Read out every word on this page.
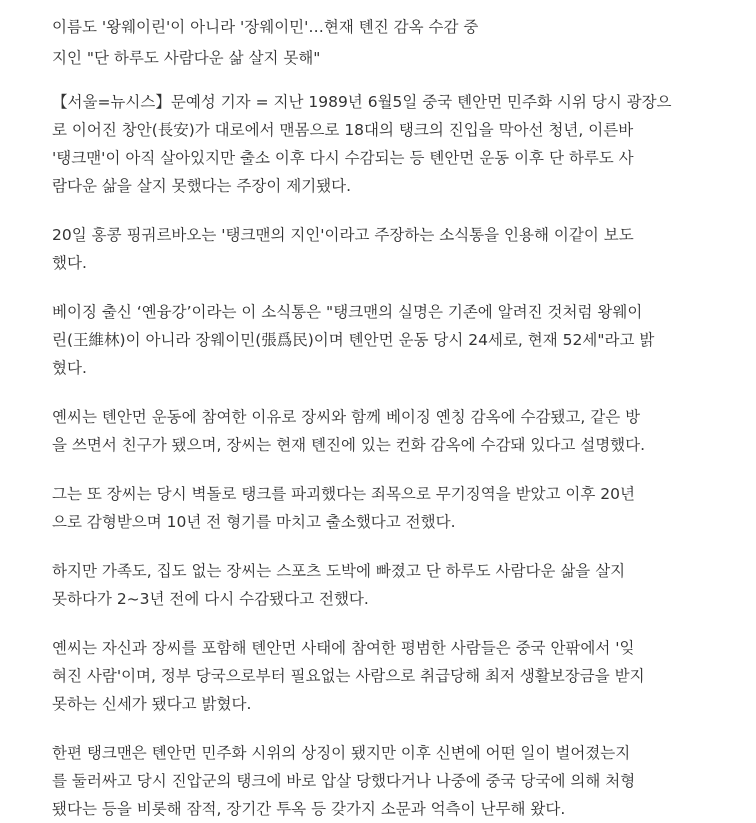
이름도 '왕웨이린'이 아니라 '장웨이민'…현재 톈진 감옥 수감 중
지인 "단 하루도 사람다운 삶 살지 못해"
【서울=뉴시스】문예성 기자 = 지난 1989년 6월5일 중국 톈안먼 민주화 시위 당시 광장으
로 이어진 창안(長安)가 대로에서 맨몸으로 18대의 탱크의 진입을 막아선 청년, 이른바
'탱크맨'이 아직 살아있지만 출소 이후 다시 수감되는 등 톈안먼 운동 이후 단 하루도 사
람다운 삶을 살지 못했다는 주장이 제기됐다.
20일 홍콩 핑궈르바오는 '탱크맨의 지인'이라고 주장하는 소식통을 인용해 이같이 보도
했다.
베이징 출신 ‘옌융강’이라는 이 소식통은 "탱크맨의 실명은 기존에 알려진 것처럼 왕웨이
린(王維林)이 아니라 장웨이민(張爲民)이며 톈안먼 운동 당시 24세로, 현재 52세"라고 밝
혔다.
옌씨는 톈안먼 운동에 참여한 이유로 장씨와 함께 베이징 옌칭 감옥에 수감됐고, 같은 방
을 쓰면서 친구가 됐으며, 장씨는 현재 톈진에 있는 컨화 감옥에 수감돼 있다고 설명했다.
그는 또 장씨는 당시 벽돌로 탱크를 파괴했다는 죄목으로 무기징역을 받았고 이후 20년
으로 감형받으며 10년 전 형기를 마치고 출소했다고 전했다.
하지만 가족도, 집도 없는 장씨는 스포츠 도박에 빠졌고 단 하루도 사람다운 삶을 살지
못하다가 2~3년 전에 다시 수감됐다고 전했다.
옌씨는 자신과 장씨를 포함해 톈안먼 사태에 참여한 평범한 사람들은 중국 안팎에서 '잊
혀진 사람'이며, 정부 당국으로부터 필요없는 사람으로 취급당해 최저 생활보장금을 받지
못하는 신세가 됐다고 밝혔다.
한편 탱크맨은 톈안먼 민주화 시위의 상징이 됐지만 이후 신변에 어떤 일이 벌어졌는지
를 둘러싸고 당시 진압군의 탱크에 바로 압살 당했다거나 나중에 중국 당국에 의해 처형
됐다는 등을 비롯해 잠적, 장기간 투옥 등 갖가지 소문과 억측이 난무해 왔다.
